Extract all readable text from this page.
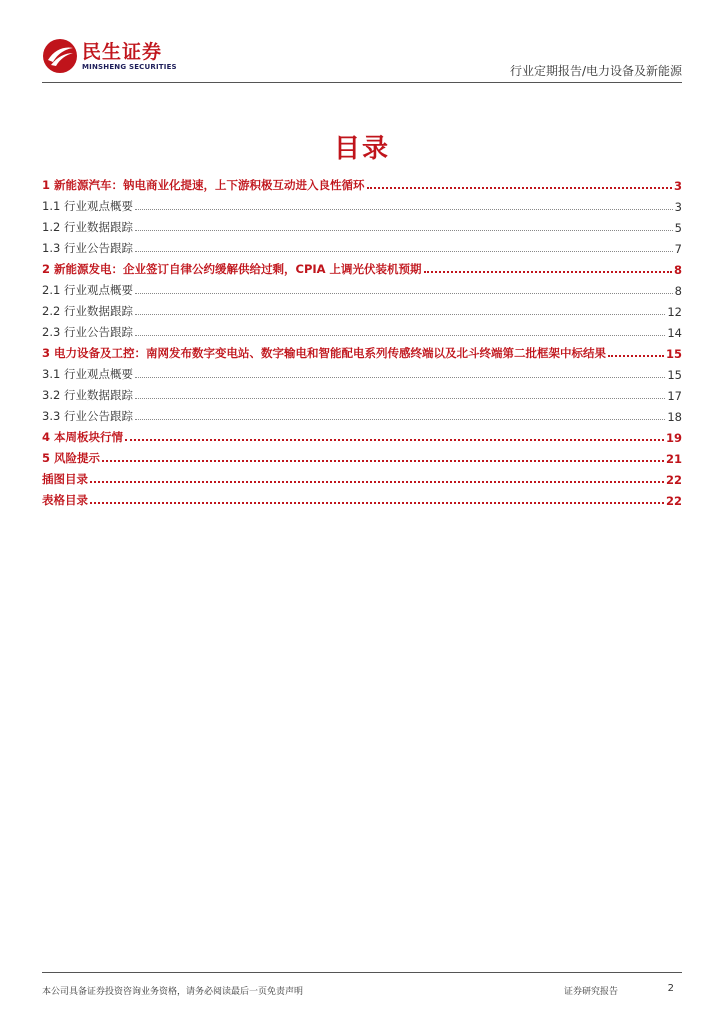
民生证券
MINSHENG SECURITIES	行业定期报告/电力设备及新能源
目录
1 新能源汽车：钠电商业化提速，上下游积极互动进入良性循环	3
1.1 行业观点概要	3
1.2 行业数据跟踪	5
1.3 行业公告跟踪	7
2 新能源发电：企业签订自律公约缓解供给过剩，CPIA 上调光伏装机预期	8
2.1 行业观点概要	8
2.2 行业数据跟踪	12
2.3 行业公告跟踪	14
3 电力设备及工控：南网发布数字变电站、数字输电和智能配电系列传感终端以及北斗终端第二批框架中标结果	15
3.1 行业观点概要	15
3.2 行业数据跟踪	17
3.3 行业公告跟踪	18
4 本周板块行情	19
5 风险提示	21
插图目录	22
表格目录	22
本公司具备证券投资咨询业务资格，请务必阅读最后一页免责声明	证券研究报告	2
